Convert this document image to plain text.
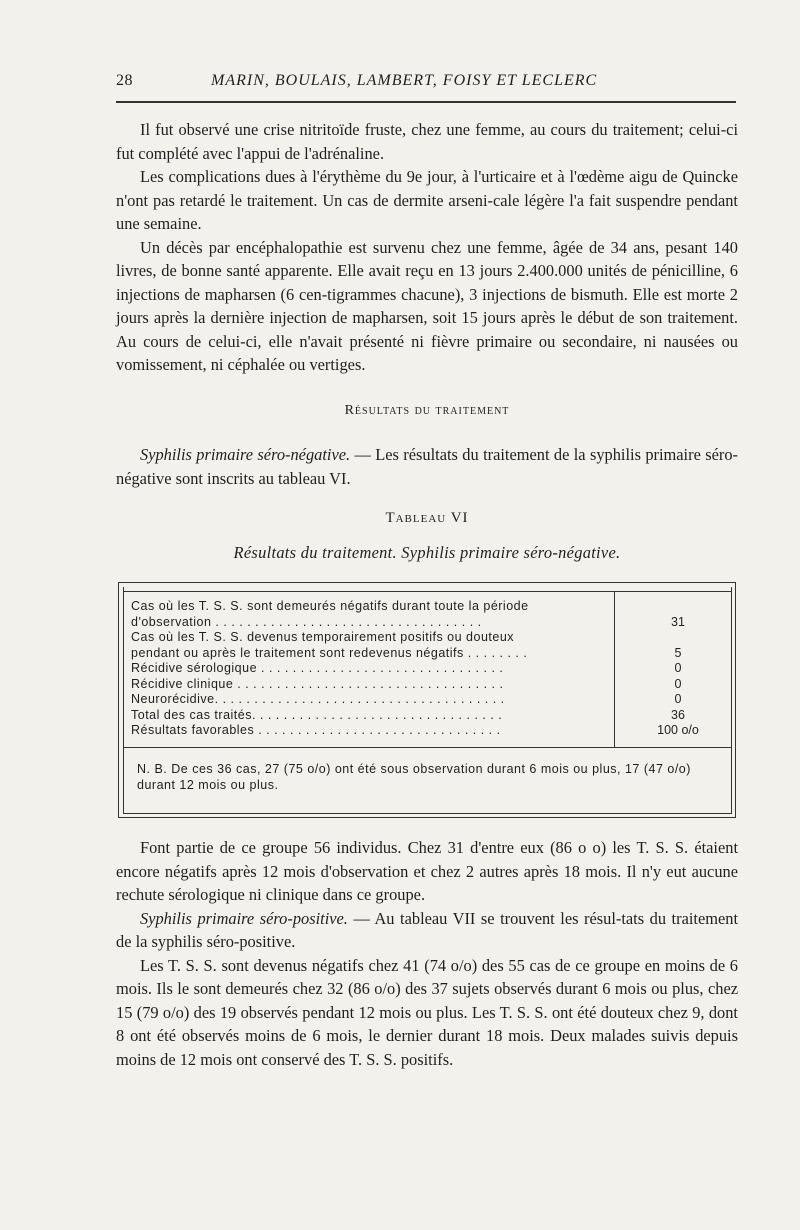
28	MARIN, BOULAIS, LAMBERT, FOISY ET LECLERC

Il fut observé une crise nitritoïde fruste, chez une femme, au cours du traitement; celui-ci fut complété avec l'appui de l'adrénaline.

Les complications dues à l'érythème du 9e jour, à l'urticaire et à l'œdème aigu de Quincke n'ont pas retardé le traitement. Un cas de dermite arseni-cale légère l'a fait suspendre pendant une semaine.

Un décès par encéphalopathie est survenu chez une femme, âgée de 34 ans, pesant 140 livres, de bonne santé apparente. Elle avait reçu en 13 jours 2.400.000 unités de pénicilline, 6 injections de mapharsen (6 cen-tigrammes chacune), 3 injections de bismuth. Elle est morte 2 jours après la dernière injection de mapharsen, soit 15 jours après le début de son traitement. Au cours de celui-ci, elle n'avait présenté ni fièvre primaire ou secondaire, ni nausées ou vomissement, ni céphalée ou vertiges.

Résultats du traitement

Syphilis primaire séro-négative. — Les résultats du traitement de la syphilis primaire séro-négative sont inscrits au tableau VI.

Tableau VI
Résultats du traitement. Syphilis primaire séro-négative.
Cas où les T. S. S. sont demeurés négatifs durant toute la période
d'observation . . . . . . . . . . . . . . . . . . . . . . . . . . . . . . . . . .	31
Cas où les T. S. S. devenus temporairement positifs ou douteux
pendant ou après le traitement sont redevenus négatifs . . . . . . . .	5
Récidive sérologique . . . . . . . . . . . . . . . . . . . . . . . . . . . . . . .	0
Récidive clinique . . . . . . . . . . . . . . . . . . . . . . . . . . . . . . . . . .	0
Neurorécidive. . . . . . . . . . . . . . . . . . . . . . . . . . . . . . . . . . . . .	0
Total des cas traités. . . . . . . . . . . . . . . . . . . . . . . . . . . . . . . .	36
Résultats favorables . . . . . . . . . . . . . . . . . . . . . . . . . . . . . . .	100 o/o
N. B. De ces 36 cas, 27 (75 o/o) ont été sous observation durant 6 mois ou plus, 17 (47 o/o) durant 12 mois ou plus.

Font partie de ce groupe 56 individus. Chez 31 d'entre eux (86 o o) les T. S. S. étaient encore négatifs après 12 mois d'observation et chez 2 autres après 18 mois. Il n'y eut aucune rechute sérologique ni clinique dans ce groupe.

Syphilis primaire séro-positive. — Au tableau VII se trouvent les résul-tats du traitement de la syphilis séro-positive.

Les T. S. S. sont devenus négatifs chez 41 (74 o/o) des 55 cas de ce groupe en moins de 6 mois. Ils le sont demeurés chez 32 (86 o/o) des 37 sujets observés durant 6 mois ou plus, chez 15 (79 o/o) des 19 observés pendant 12 mois ou plus. Les T. S. S. ont été douteux chez 9, dont 8 ont été observés moins de 6 mois, le dernier durant 18 mois. Deux malades suivis depuis moins de 12 mois ont conservé des T. S. S. positifs.
